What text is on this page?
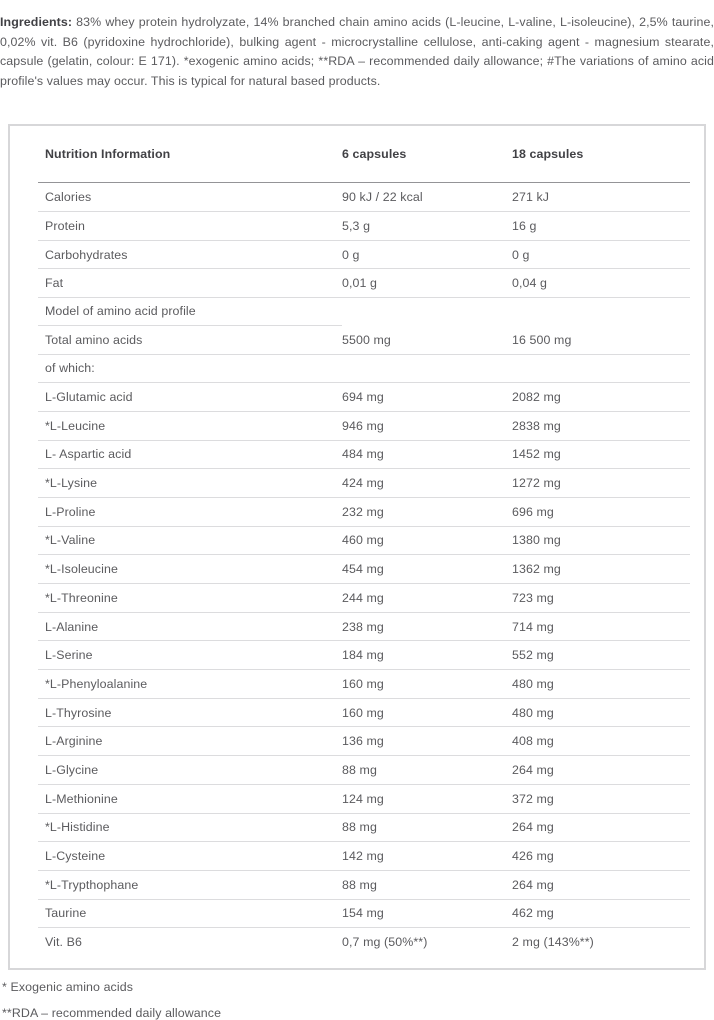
Ingredients: 83% whey protein hydrolyzate, 14% branched chain amino acids (L-leucine, L-valine, L-isoleucine), 2,5% taurine, 0,02% vit. B6 (pyridoxine hydrochloride), bulking agent - microcrystalline cellulose, anti-caking agent - magnesium stearate, capsule (gelatin, colour: E 171). *exogenic amino acids; **RDA – recommended daily allowance; #The variations of amino acid profile's values may occur. This is typical for natural based products.

Nutrition Information	6 capsules	18 capsules
Calories	90 kJ / 22 kcal	271 kJ
Protein	5,3 g	16 g
Carbohydrates	0 g	0 g
Fat	0,01 g	0,04 g
Model of amino acid profile
Total amino acids	5500 mg	16 500 mg
of which:
L-Glutamic acid	694 mg	2082 mg
*L-Leucine	946 mg	2838 mg
L- Aspartic acid	484 mg	1452 mg
*L-Lysine	424 mg	1272 mg
L-Proline	232 mg	696 mg
*L-Valine	460 mg	1380 mg
*L-Isoleucine	454 mg	1362 mg
*L-Threonine	244 mg	723 mg
L-Alanine	238 mg	714 mg
L-Serine	184 mg	552 mg
*L-Phenyloalanine	160 mg	480 mg
L-Thyrosine	160 mg	480 mg
L-Arginine	136 mg	408 mg
L-Glycine	88 mg	264 mg
L-Methionine	124 mg	372 mg
*L-Histidine	88 mg	264 mg
L-Cysteine	142 mg	426 mg
*L-Trypthophane	88 mg	264 mg
Taurine	154 mg	462 mg
Vit. B6	0,7 mg (50%**)	2 mg (143%**)
* Exogenic amino acids
**RDA – recommended daily allowance
